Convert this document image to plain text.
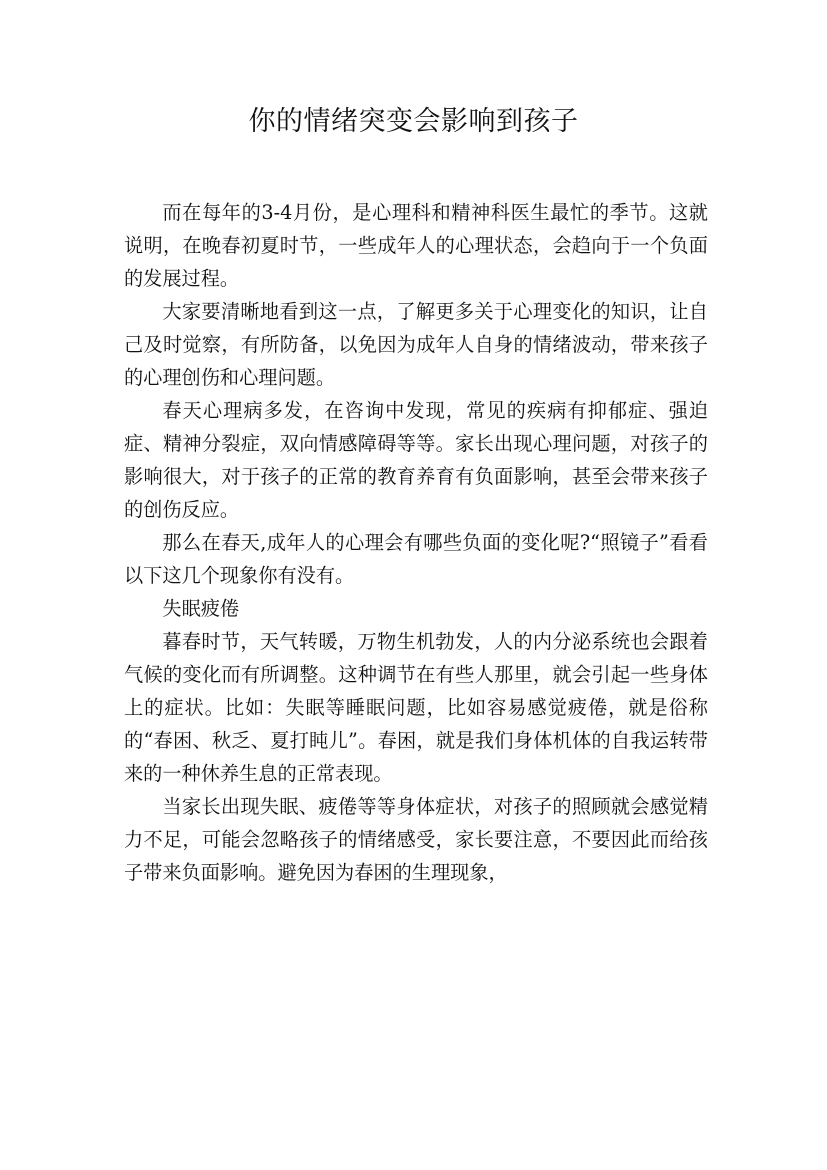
你的情绪突变会影响到孩子

而在每年的3-4月份，是心理科和精神科医生最忙的季节。这就说明，在晚春初夏时节，一些成年人的心理状态，会趋向于一个负面的发展过程。

大家要清晰地看到这一点，了解更多关于心理变化的知识，让自己及时觉察，有所防备，以免因为成年人自身的情绪波动，带来孩子的心理创伤和心理问题。

春天心理病多发，在咨询中发现，常见的疾病有抑郁症、强迫症、精神分裂症，双向情感障碍等等。家长出现心理问题，对孩子的影响很大，对于孩子的正常的教育养育有负面影响，甚至会带来孩子的创伤反应。

那么在春天,成年人的心理会有哪些负面的变化呢?“照镜子”看看以下这几个现象你有没有。

失眠疲倦

暮春时节，天气转暖，万物生机勃发，人的内分泌系统也会跟着气候的变化而有所调整。这种调节在有些人那里，就会引起一些身体上的症状。比如：失眠等睡眠问题，比如容易感觉疲倦，就是俗称的“春困、秋乏、夏打盹儿”。春困，就是我们身体机体的自我运转带来的一种休养生息的正常表现。

当家长出现失眠、疲倦等等身体症状，对孩子的照顾就会感觉精力不足，可能会忽略孩子的情绪感受，家长要注意，不要因此而给孩子带来负面影响。避免因为春困的生理现象，
